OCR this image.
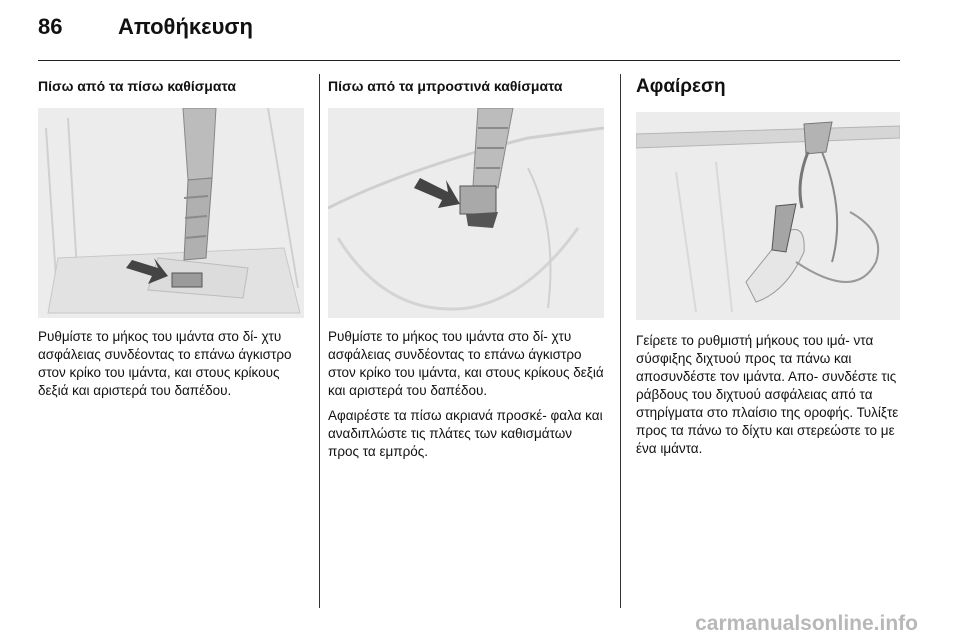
86	Αποθήκευση
Πίσω από τα πίσω καθίσματα

Ρυθμίστε το μήκος του ιμάντα στο δί- χτυ ασφάλειας συνδέοντας το επάνω άγκιστρο στον κρίκο του ιμάντα, και στους κρίκους δεξιά και αριστερά του δαπέδου.

Πίσω από τα μπροστινά καθίσματα

Ρυθμίστε το μήκος του ιμάντα στο δί- χτυ ασφάλειας συνδέοντας το επάνω άγκιστρο στον κρίκο του ιμάντα, και στους κρίκους δεξιά και αριστερά του δαπέδου.

Αφαιρέστε τα πίσω ακριανά προσκέ- φαλα και αναδιπλώστε τις πλάτες των καθισμάτων προς τα εμπρός.

Αφαίρεση

Γείρετε το ρυθμιστή μήκους του ιμά- ντα σύσφιξης διχτυού προς τα πάνω και αποσυνδέστε τον ιμάντα. Απο- συνδέστε τις ράβδους του διχτυού ασφάλειας από τα στηρίγματα στο πλαίσιο της οροφής. Τυλίξτε προς τα πάνω το δίχτυ και στερεώστε το με ένα ιμάντα.

carmanualsonline.info
